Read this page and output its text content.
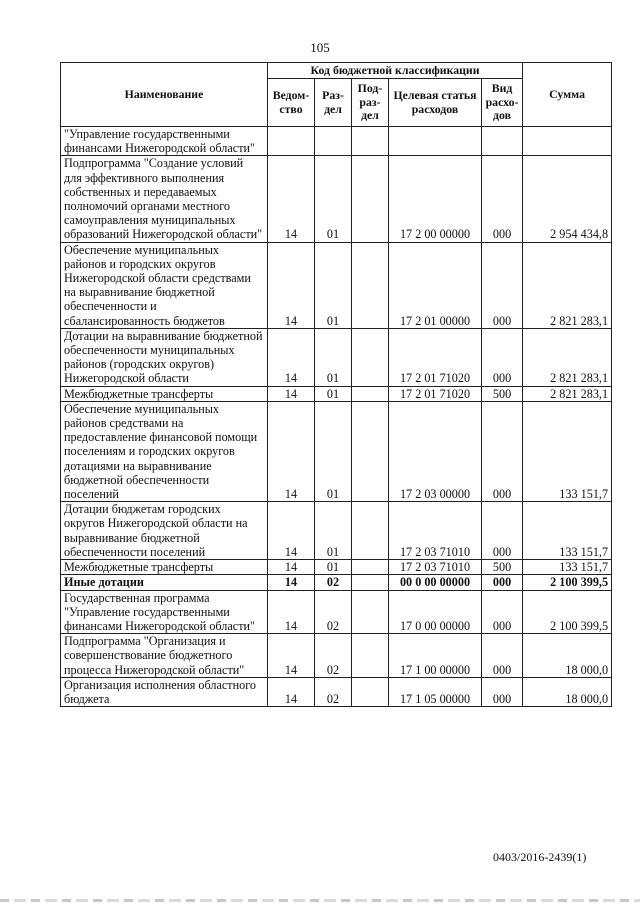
105
Наименование	Код бюджетной классификации					Сумма
	Ведом-ство	Раз-дел	Под-раз-дел	Целевая статья расходов	Вид расхо-дов	
"Управление государственными финансами Нижегородской области"						
Подпрограмма "Создание условий для эффективного выполнения собственных и передаваемых полномочий органами местного самоуправления муниципальных образований Нижегородской области"	14	01		17 2 00 00000	000	2 954 434,8
Обеспечение муниципальных районов и городских округов Нижегородской области средствами на выравнивание бюджетной обеспеченности и сбалансированность бюджетов	14	01		17 2 01 00000	000	2 821 283,1
Дотации на выравнивание бюджетной обеспеченности муниципальных районов (городских округов) Нижегородской области	14	01		17 2 01 71020	000	2 821 283,1
Межбюджетные трансферты	14	01		17 2 01 71020	500	2 821 283,1
Обеспечение муниципальных районов средствами на предоставление финансовой помощи поселениям и городских округов дотациями на выравнивание бюджетной обеспеченности поселений	14	01		17 2 03 00000	000	133 151,7
Дотации бюджетам городских округов Нижегородской области на выравнивание бюджетной обеспеченности поселений	14	01		17 2 03 71010	000	133 151,7
Межбюджетные трансферты	14	01		17 2 03 71010	500	133 151,7
Иные дотации	14	02		00 0 00 00000	000	2 100 399,5
Государственная программа "Управление государственными финансами Нижегородской области"	14	02		17 0 00 00000	000	2 100 399,5
Подпрограмма "Организация и совершенствование бюджетного процесса Нижегородской области"	14	02		17 1 00 00000	000	18 000,0
Организация исполнения областного бюджета	14	02		17 1 05 00000	000	18 000,0
0403/2016-2439(1)
